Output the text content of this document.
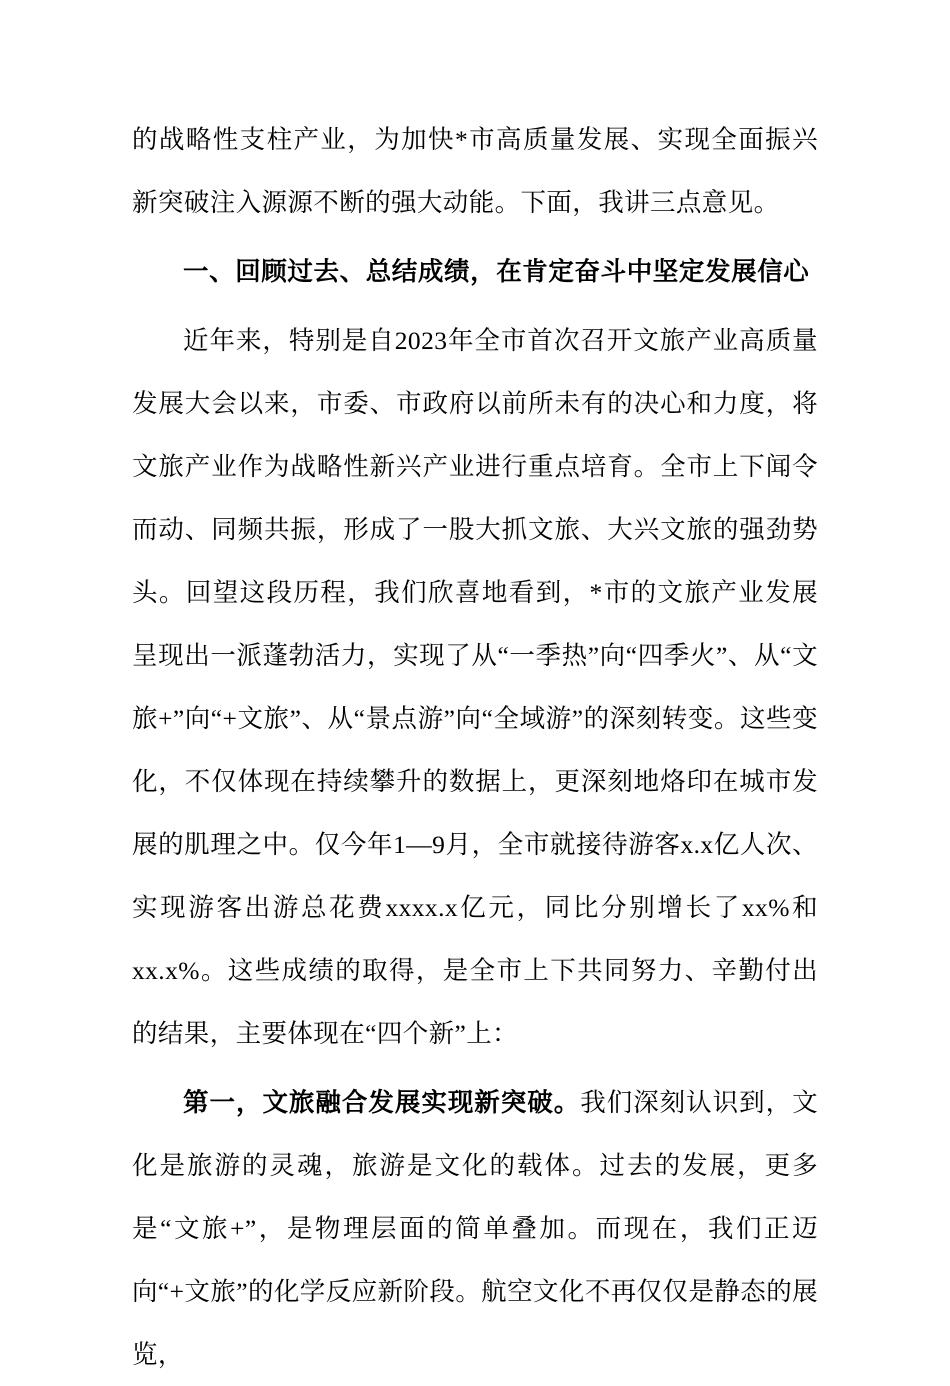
的战略性支柱产业，为加快*市高质量发展、实现全面振兴新突破注入源源不断的强大动能。下面，我讲三点意见。

一、回顾过去、总结成绩，在肯定奋斗中坚定发展信心

近年来，特别是自2023年全市首次召开文旅产业高质量发展大会以来，市委、市政府以前所未有的决心和力度，将文旅产业作为战略性新兴产业进行重点培育。全市上下闻令而动、同频共振，形成了一股大抓文旅、大兴文旅的强劲势头。回望这段历程，我们欣喜地看到，*市的文旅产业发展呈现出一派蓬勃活力，实现了从“一季热”向“四季火”、从“文旅+”向“+文旅”、从“景点游”向“全域游”的深刻转变。这些变化，不仅体现在持续攀升的数据上，更深刻地烙印在城市发展的肌理之中。仅今年1—9月，全市就接待游客x.x亿人次、实现游客出游总花费xxxx.x亿元，同比分别增长了xx%和xx.x%。这些成绩的取得，是全市上下共同努力、辛勤付出的结果，主要体现在“四个新”上：

第一，文旅融合发展实现新突破。我们深刻认识到，文化是旅游的灵魂，旅游是文化的载体。过去的发展，更多是“文旅+”，是物理层面的简单叠加。而现在，我们正迈向“+文旅”的化学反应新阶段。航空文化不再仅仅是静态的展览，
